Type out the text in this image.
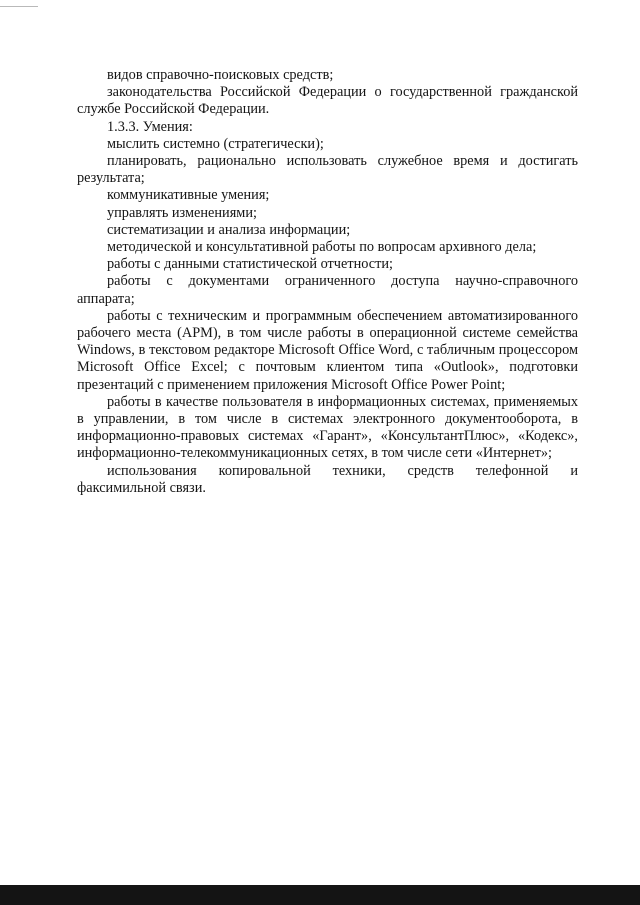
видов справочно-поисковых средств;

законодательства Российской Федерации о государственной гражданской службе Российской Федерации.

1.3.3. Умения:

мыслить системно (стратегически);

планировать, рационально использовать служебное время и достигать результата;

коммуникативные умения;

управлять изменениями;

систематизации и анализа информации;

методической и консультативной работы по вопросам архивного дела;

работы с данными статистической отчетности;

работы с документами ограниченного доступа научно-справочного аппарата;

работы с техническим и программным обеспечением автоматизированного рабочего места (АРМ), в том числе работы в операционной системе семейства Windows, в текстовом редакторе Microsoft Office Word, с табличным процессором Microsoft Office Excel; с почтовым клиентом типа «Outlook», подготовки презентаций с применением приложения Microsoft Office Power Point;

работы в качестве пользователя в информационных системах, применяемых в управлении, в том числе в системах электронного документооборота, в информационно-правовых системах «Гарант», «КонсультантПлюс», «Кодекс», информационно-телекоммуникационных сетях, в том числе сети «Интернет»;

использования копировальной техники, средств телефонной и факсимильной связи.
